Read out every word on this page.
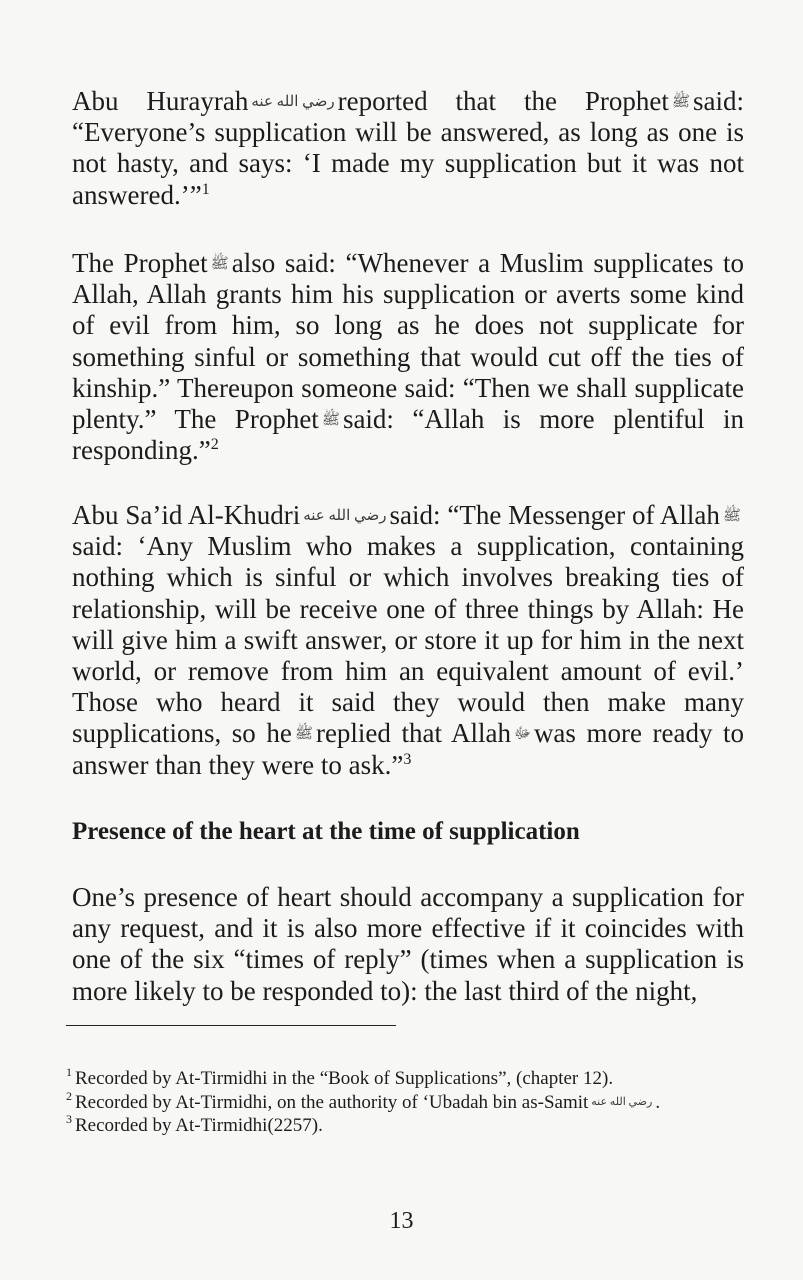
Abu Hurayrah رضي الله عنه reported that the Prophet ﷺ said: “Everyone’s supplication will be answered, as long as one is not hasty, and says: ‘I made my supplication but it was not answered.’”$^1$

The Prophet ﷺ also said: “Whenever a Muslim supplicates to Allah, Allah grants him his supplication or averts some kind of evil from him, so long as he does not supplicate for something sinful or something that would cut off the ties of kinship.” Thereupon someone said: “Then we shall supplicate plenty.” The Prophet ﷺ said: “Allah is more plentiful in responding.”$^2$

Abu Sa’id Al-Khudri رضي الله عنه said: “The Messenger of Allah ﷺsaid: ‘Any Muslim who makes a supplication, containing nothing which is sinful or which involves breaking ties of relationship, will be receive one of three things by Allah: He will give him a swift answer, or store it up for him in the next world, or remove from him an equivalent amount of evil.’ Those who heard it said they would then make many supplications, so he ﷺ replied that Allah ﷻ was more ready to answer than they were to ask.”$^3$

Presence of the heart at the time of supplication

One’s presence of heart should accompany a supplication for any request, and it is also more effective if it coincides with one of the six “times of reply” (times when a supplication is more likely to be responded to): the last third of the night,

$^1$ Recorded by At-Tirmidhi in the “Book of Supplications”, (chapter 12).

$^2$ Recorded by At-Tirmidhi, on the authority of ‘Ubadah bin as-Samit رضي الله عنه .

$^3$ Recorded by At-Tirmidhi(2257).

13
